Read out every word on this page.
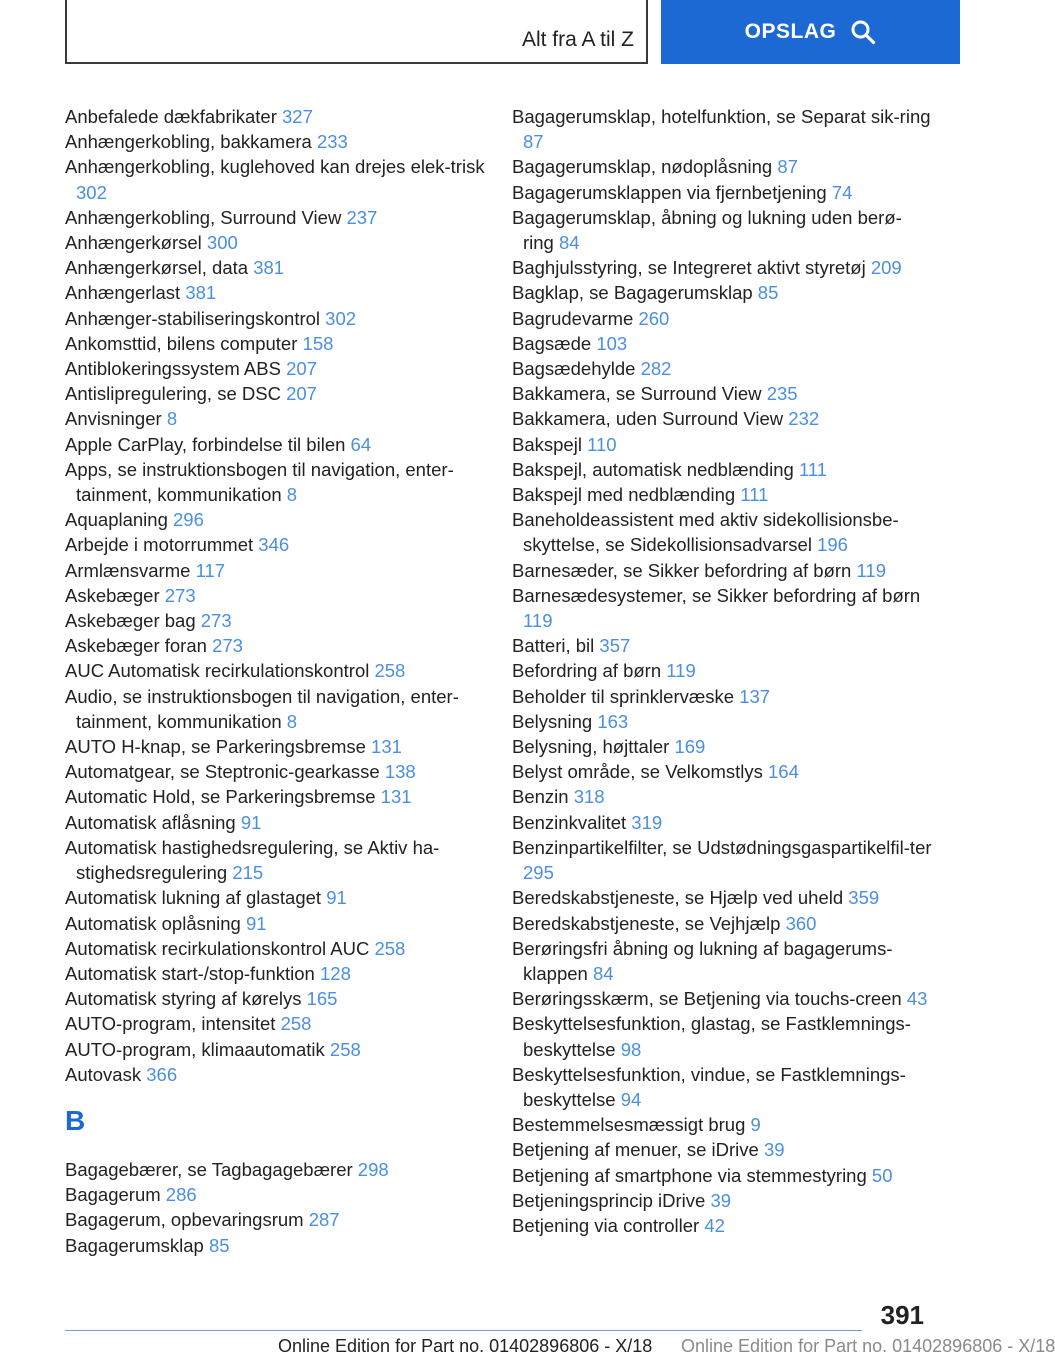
Alt fra A til Z	OPSLAG
Anbefalede dækfabrikater 327
Anhængerkobling, bakkamera 233
Anhængerkobling, kuglehoved kan drejes elek-trisk 302
Anhængerkobling, Surround View 237
Anhængerkørsel 300
Anhængerkørsel, data 381
Anhængerlast 381
Anhænger-stabiliseringskontrol 302
Ankomsttid, bilens computer 158
Antiblokeringssystem ABS 207
Antislipregulering, se DSC 207
Anvisninger 8
Apple CarPlay, forbindelse til bilen 64
Apps, se instruktionsbogen til navigation, enter-tainment, kommunikation 8
Aquaplaning 296
Arbejde i motorrummet 346
Armlænsvarme 117
Askebæger 273
Askebæger bag 273
Askebæger foran 273
AUC Automatisk recirkulationskontrol 258
Audio, se instruktionsbogen til navigation, enter-tainment, kommunikation 8
AUTO H-knap, se Parkeringsbremse 131
Automatgear, se Steptronic-gearkasse 138
Automatic Hold, se Parkeringsbremse 131
Automatisk aflåsning 91
Automatisk hastighedsregulering, se Aktiv ha-stighedsregulering 215
Automatisk lukning af glastaget 91
Automatisk oplåsning 91
Automatisk recirkulationskontrol AUC 258
Automatisk start-/stop-funktion 128
Automatisk styring af kørelys 165
AUTO-program, intensitet 258
AUTO-program, klimaautomatik 258
Autovask 366
B
Bagagebærer, se Tagbagagebærer 298
Bagagerum 286
Bagagerum, opbevaringsrum 287
Bagagerumsklap 85
Bagagerumsklap, hotelfunktion, se Separat sik-ring 87
Bagagerumsklap, nødoplåsning 87
Bagagerumsklappen via fjernbetjening 74
Bagagerumsklap, åbning og lukning uden berø-ring 84
Baghjulsstyring, se Integreret aktivt styretøj 209
Bagklap, se Bagagerumsklap 85
Bagrudevarme 260
Bagsæde 103
Bagsædehylde 282
Bakkamera, se Surround View 235
Bakkamera, uden Surround View 232
Bakspejl 110
Bakspejl, automatisk nedblænding 111
Bakspejl med nedblænding 111
Baneholdeassistent med aktiv sidekollisionsbe-skyttelse, se Sidekollisionsadvarsel 196
Barnesæder, se Sikker befordring af børn 119
Barnesædesystemer, se Sikker befordring af børn 119
Batteri, bil 357
Befordring af børn 119
Beholder til sprinklervæske 137
Belysning 163
Belysning, højttaler 169
Belyst område, se Velkomstlys 164
Benzin 318
Benzinkvalitet 319
Benzinpartikelfilter, se Udstødningsgaspartikelfil-ter 295
Beredskabstjeneste, se Hjælp ved uheld 359
Beredskabstjeneste, se Vejhjælp 360
Berøringsfri åbning og lukning af bagagerums-klappen 84
Berøringsskærm, se Betjening via touchs-creen 43
Beskyttelsesfunktion, glastag, se Fastklemnings-beskyttelse 98
Beskyttelsesfunktion, vindue, se Fastklemnings-beskyttelse 94
Bestemmelsesmæssigt brug 9
Betjening af menuer, se iDrive 39
Betjening af smartphone via stemmestyring 50
Betjeningsprincip iDrive 39
Betjening via controller 42
391
Online Edition for Part no. 01402896806 - X/18 Online Edition for Part no. 01402896806 - X/18
